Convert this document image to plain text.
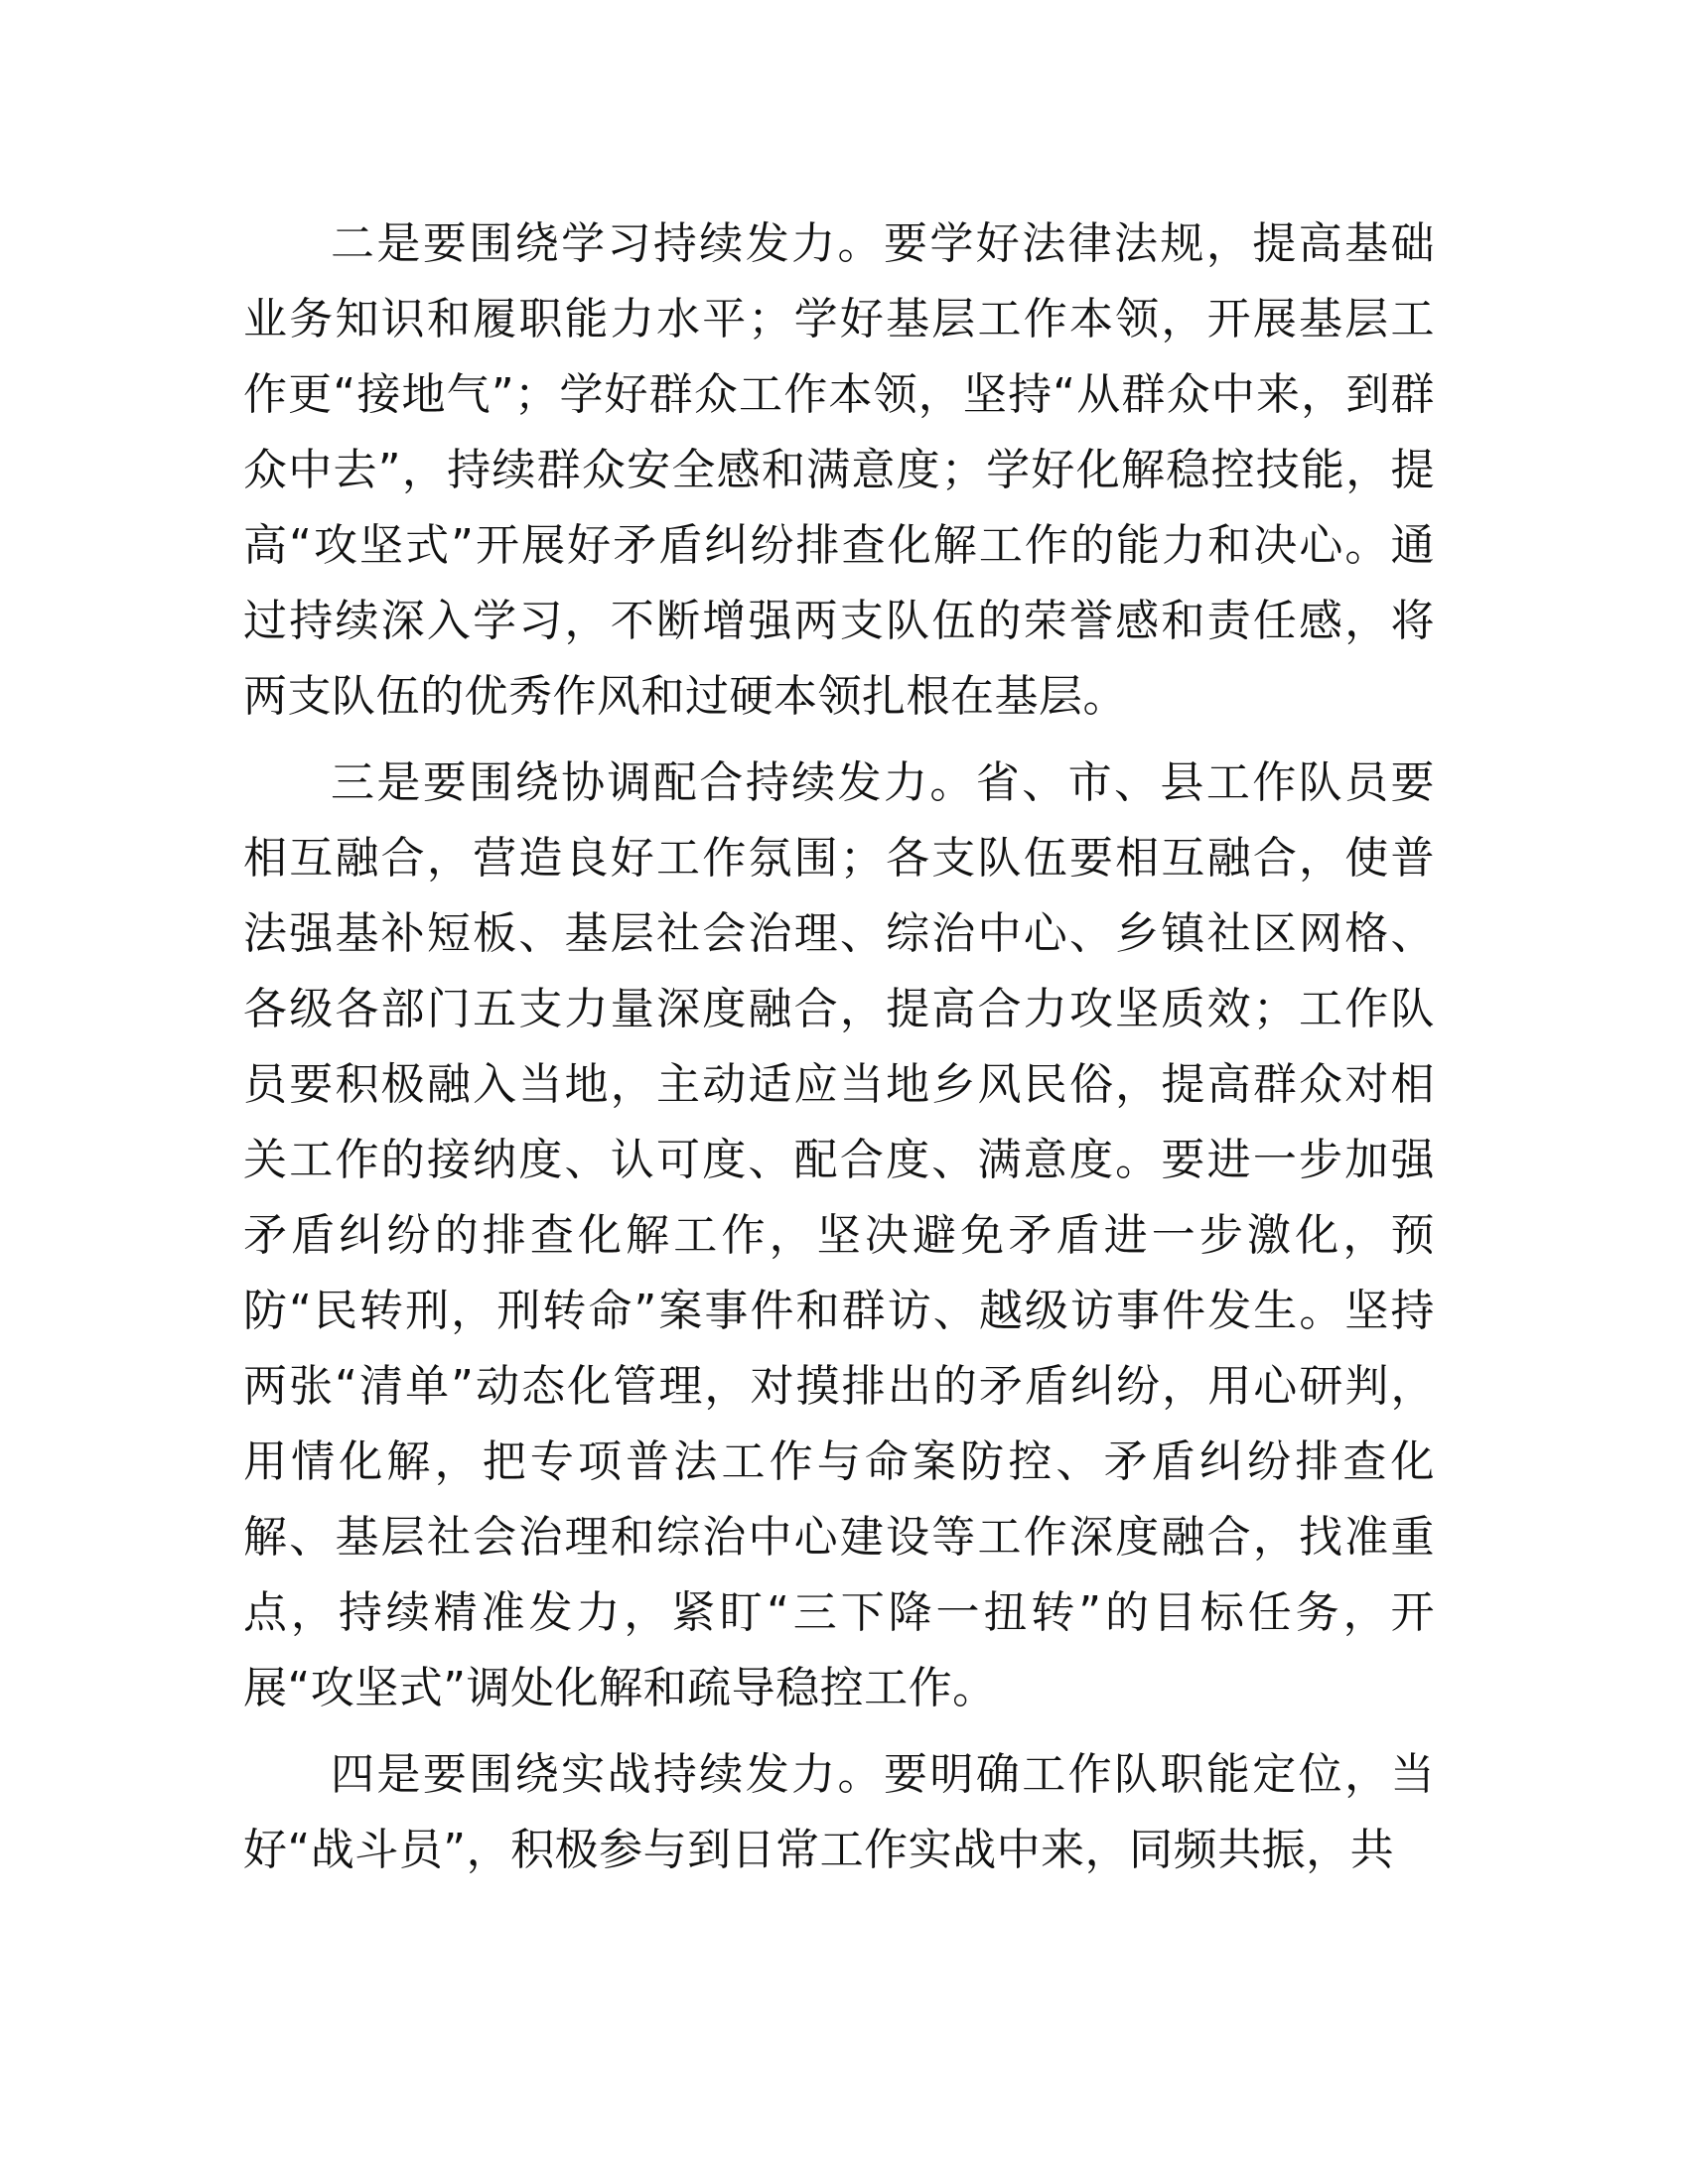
二是要围绕学习持续发力。要学好法律法规，提高基础业务知识和履职能力水平；学好基层工作本领，开展基层工作更“接地气”；学好群众工作本领，坚持“从群众中来，到群众中去”，持续群众安全感和满意度；学好化解稳控技能，提高“攻坚式”开展好矛盾纠纷排查化解工作的能力和决心。通过持续深入学习，不断增强两支队伍的荣誉感和责任感，将两支队伍的优秀作风和过硬本领扎根在基层。

三是要围绕协调配合持续发力。省、市、县工作队员要相互融合，营造良好工作氛围；各支队伍要相互融合，使普法强基补短板、基层社会治理、综治中心、乡镇社区网格、各级各部门五支力量深度融合，提高合力攻坚质效；工作队员要积极融入当地，主动适应当地乡风民俗，提高群众对相关工作的接纳度、认可度、配合度、满意度。要进一步加强矛盾纠纷的排查化解工作，坚决避免矛盾进一步激化，预防“民转刑，刑转命”案事件和群访、越级访事件发生。坚持两张“清单”动态化管理，对摸排出的矛盾纠纷，用心研判，用情化解，把专项普法工作与命案防控、矛盾纠纷排查化解、基层社会治理和综治中心建设等工作深度融合，找准重点，持续精准发力，紧盯“三下降一扭转”的目标任务，开展“攻坚式”调处化解和疏导稳控工作。

四是要围绕实战持续发力。要明确工作队职能定位，当好“战斗员”，积极参与到日常工作实战中来，同频共振，共
